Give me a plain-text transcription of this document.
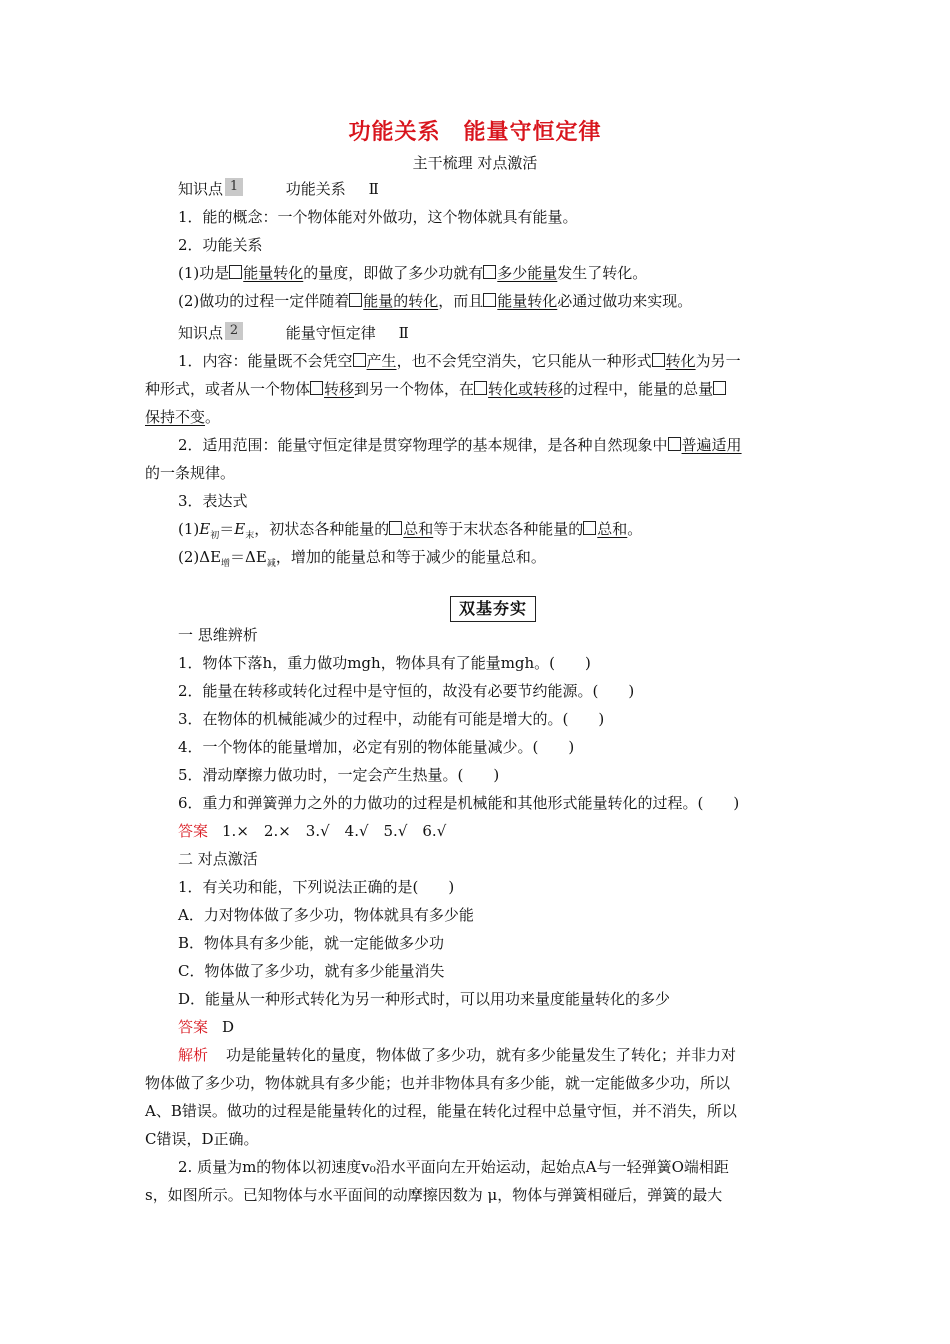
功能关系　能量守恒定律
主干梳理 对点激活
知识点 1	功能关系 Ⅱ
1．能的概念：一个物体能对外做功，这个物体就具有能量。
2．功能关系
(1)功是 能量转化的量度，即做了多少功就有 多少能量发生了转化。
(2)做功的过程一定伴随着 能量的转化，而且 能量转化必通过做功来实现。
知识点 2	能量守恒定律 Ⅱ
1．内容：能量既不会凭空 产生，也不会凭空消失，它只能从一种形式 转化为另一
种形式，或者从一个物体 转移到另一个物体，在 转化或转移的过程中，能量的总量
保持不变。
2．适用范围：能量守恒定律是贯穿物理学的基本规律，是各种自然现象中 普遍适用
的一条规律。
3．表达式
$(1)E_初=E_末$，初状态各种能量的 总和等于末状态各种能量的 总和。
$(2)\Delta E_增=\Delta E_减$，增加的能量总和等于减少的能量总和。
双基夯实
一 思维辨析
1．物体下落h，重力做功mgh，物体具有了能量mgh。(　　)
2．能量在转移或转化过程中是守恒的，故没有必要节约能源。(　　)
3．在物体的机械能减少的过程中，动能有可能是增大的。(　　)
4．一个物体的能量增加，必定有别的物体能量减少。(　　)
5．滑动摩擦力做功时，一定会产生热量。(　　)
6．重力和弹簧弹力之外的力做功的过程是机械能和其他形式能量转化的过程。(　　)
答案 1.×　2.×　3.√　4.√　5.√　6.√
二 对点激活
1．有关功和能，下列说法正确的是(　　)
A．力对物体做了多少功，物体就具有多少能
B．物体具有多少能，就一定能做多少功
C．物体做了多少功，就有多少能量消失
D．能量从一种形式转化为另一种形式时，可以用功来量度能量转化的多少
答案 D
解析 功是能量转化的量度，物体做了多少功，就有多少能量发生了转化；并非力对
物体做了多少功，物体就具有多少能；也并非物体具有多少能，就一定能做多少功，所以
A、B错误。做功的过程是能量转化的过程，能量在转化过程中总量守恒，并不消失，所以
C错误，D正确。
2. 质量为m的物体以初速度v₀沿水平面向左开始运动，起始点A与一轻弹簧O端相距
s，如图所示。已知物体与水平面间的动摩擦因数为 μ，物体与弹簧相碰后，弹簧的最大
